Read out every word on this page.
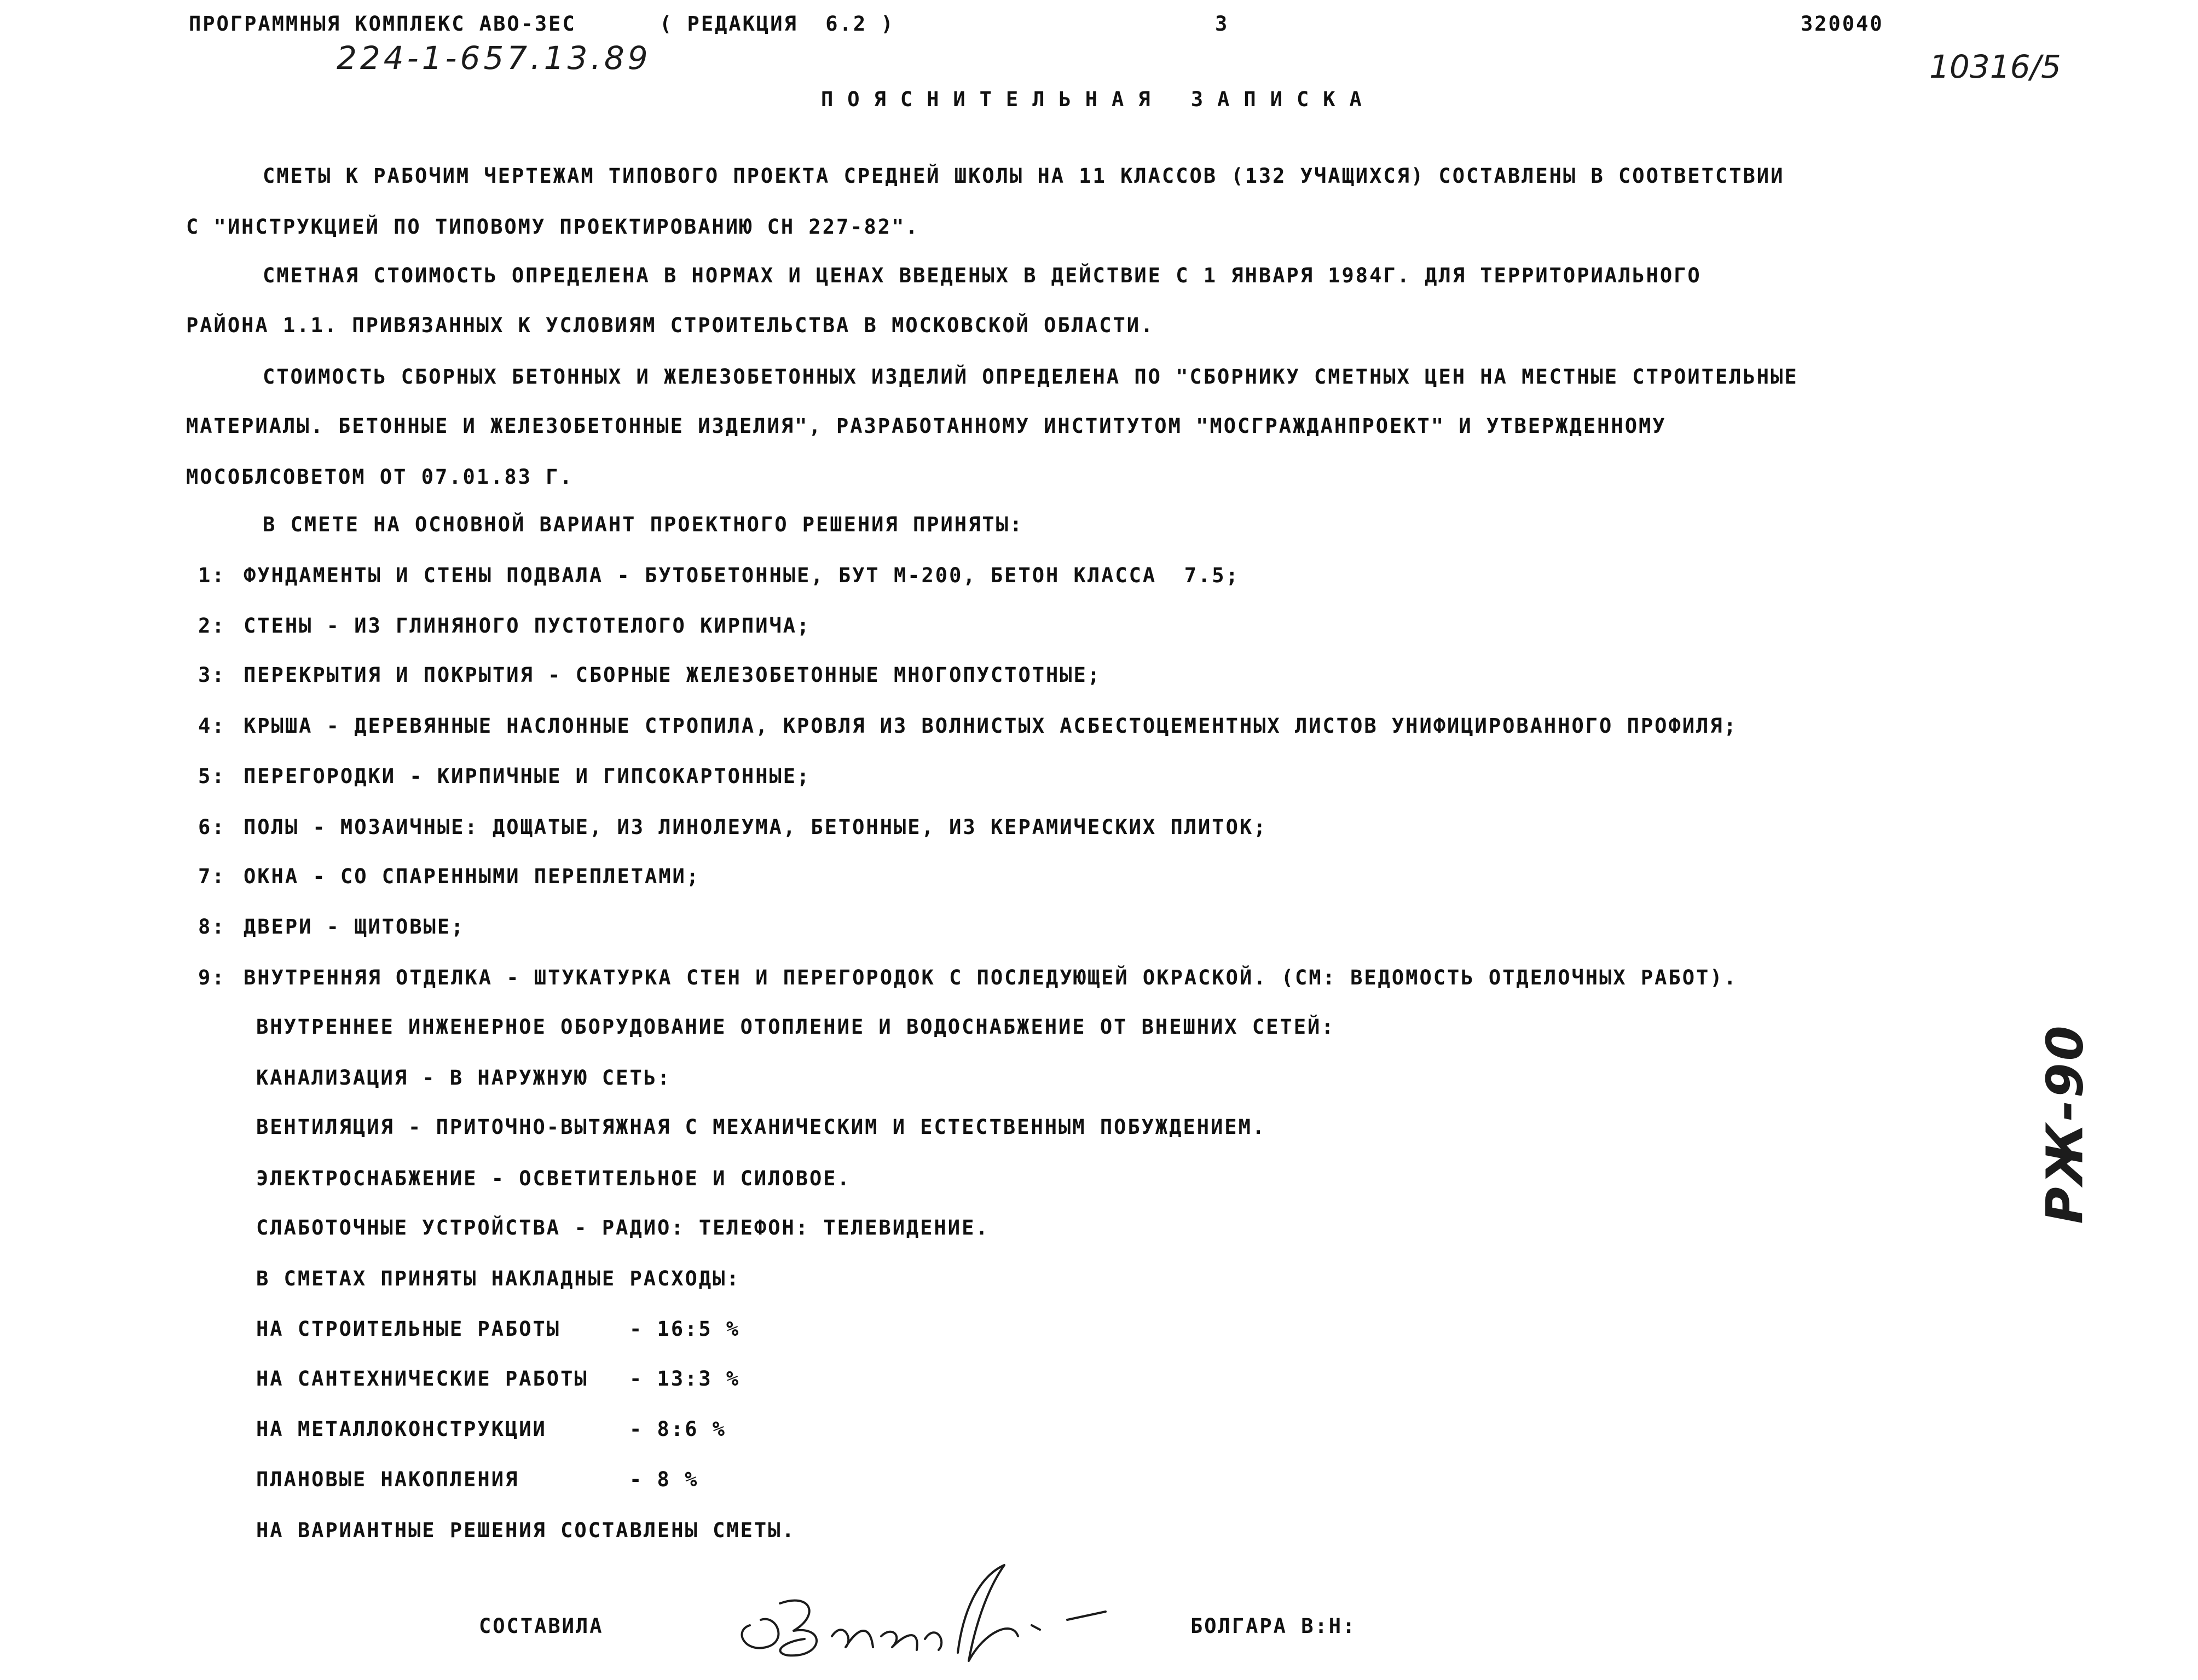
ПРОГРАММНЫЯ КОМПЛЕКС АВО-ЗЕС	( РЕДАКЦИЯ  6.2 )	3	320040
224-1-657.13.89	10316/5
РЖ-90
ПОЯСНИТЕЛЬНАЯ ЗАПИСКА
СМЕТЫ К РАБОЧИМ ЧЕРТЕЖАМ ТИПОВОГО ПРОЕКТА СРЕДНЕЙ ШКОЛЫ НА 11 КЛАССОВ (132 УЧАЩИХСЯ) СОСТАВЛЕНЫ В СООТВЕТСТВИИ
С "ИНСТРУКЦИЕЙ ПО ТИПОВОМУ ПРОЕКТИРОВАНИЮ СН 227-82".
СМЕТНАЯ СТОИМОСТЬ ОПРЕДЕЛЕНА В НОРМАХ И ЦЕНАХ ВВЕДЕНЫХ В ДЕЙСТВИЕ С 1 ЯНВАРЯ 1984Г. ДЛЯ ТЕРРИТОРИАЛЬНОГО
РАЙОНА 1.1. ПРИВЯЗАННЫХ К УСЛОВИЯМ СТРОИТЕЛЬСТВА В МОСКОВСКОЙ ОБЛАСТИ.
СТОИМОСТЬ СБОРНЫХ БЕТОННЫХ И ЖЕЛЕЗОБЕТОННЫХ ИЗДЕЛИЙ ОПРЕДЕЛЕНА ПО "СБОРНИКУ СМЕТНЫХ ЦЕН НА МЕСТНЫЕ СТРОИТЕЛЬНЫЕ
МАТЕРИАЛЫ. БЕТОННЫЕ И ЖЕЛЕЗОБЕТОННЫЕ ИЗДЕЛИЯ", РАЗРАБОТАННОМУ ИНСТИТУТОМ "МОСГРАЖДАНПРОЕКТ" И УТВЕРЖДЕННОМУ
МОСОБЛСОВЕТОМ ОТ 07.01.83 Г.
В СМЕТЕ НА ОСНОВНОЙ ВАРИАНТ ПРОЕКТНОГО РЕШЕНИЯ ПРИНЯТЫ:
1: ФУНДАМЕНТЫ И СТЕНЫ ПОДВАЛА - БУТОБЕТОННЫЕ, БУТ М-200, БЕТОН КЛАССА  7.5;
2: СТЕНЫ - ИЗ ГЛИНЯНОГО ПУСТОТЕЛОГО КИРПИЧА;
3: ПЕРЕКРЫТИЯ И ПОКРЫТИЯ - СБОРНЫЕ ЖЕЛЕЗОБЕТОННЫЕ МНОГОПУСТОТНЫЕ;
4: КРЫША - ДЕРЕВЯННЫЕ НАСЛОННЫЕ СТРОПИЛА, КРОВЛЯ ИЗ ВОЛНИСТЫХ АСБЕСТОЦЕМЕНТНЫХ ЛИСТОВ УНИФИЦИРОВАННОГО ПРОФИЛЯ;
5: ПЕРЕГОРОДКИ - КИРПИЧНЫЕ И ГИПСОКАРТОННЫЕ;
6: ПОЛЫ - МОЗАИЧНЫЕ: ДОЩАТЫЕ, ИЗ ЛИНОЛЕУМА, БЕТОННЫЕ, ИЗ КЕРАМИЧЕСКИХ ПЛИТОК;
7: ОКНА - СО СПАРЕННЫМИ ПЕРЕПЛЕТАМИ;
8: ДВЕРИ - ЩИТОВЫЕ;
9: ВНУТРЕННЯЯ ОТДЕЛКА - ШТУКАТУРКА СТЕН И ПЕРЕГОРОДОК С ПОСЛЕДУЮЩЕЙ ОКРАСКОЙ. (СМ: ВЕДОМОСТЬ ОТДЕЛОЧНЫХ РАБОТ).
ВНУТРЕННЕЕ ИНЖЕНЕРНОЕ ОБОРУДОВАНИЕ ОТОПЛЕНИЕ И ВОДОСНАБЖЕНИЕ ОТ ВНЕШНИХ СЕТЕЙ:
КАНАЛИЗАЦИЯ - В НАРУЖНУЮ СЕТЬ:
ВЕНТИЛЯЦИЯ - ПРИТОЧНО-ВЫТЯЖНАЯ С МЕХАНИЧЕСКИМ И ЕСТЕСТВЕННЫМ ПОБУЖДЕНИЕМ.
ЭЛЕКТРОСНАБЖЕНИЕ - ОСВЕТИТЕЛЬНОЕ И СИЛОВОЕ.
СЛАБОТОЧНЫЕ УСТРОЙСТВА - РАДИО: ТЕЛЕФОН: ТЕЛЕВИДЕНИЕ.
В СМЕТАХ ПРИНЯТЫ НАКЛАДНЫЕ РАСХОДЫ:
НА СТРОИТЕЛЬНЫЕ РАБОТЫ	- 16:5 %
НА САНТЕХНИЧЕСКИЕ РАБОТЫ - 13:3 %
НА МЕТАЛЛОКОНСТРУКЦИИ	- 8:6 %
ПЛАНОВЫЕ НАКОПЛЕНИЯ	- 8 %
НА ВАРИАНТНЫЕ РЕШЕНИЯ СОСТАВЛЕНЫ СМЕТЫ.
СОСТАВИЛА	БОЛГАРА В:Н:
